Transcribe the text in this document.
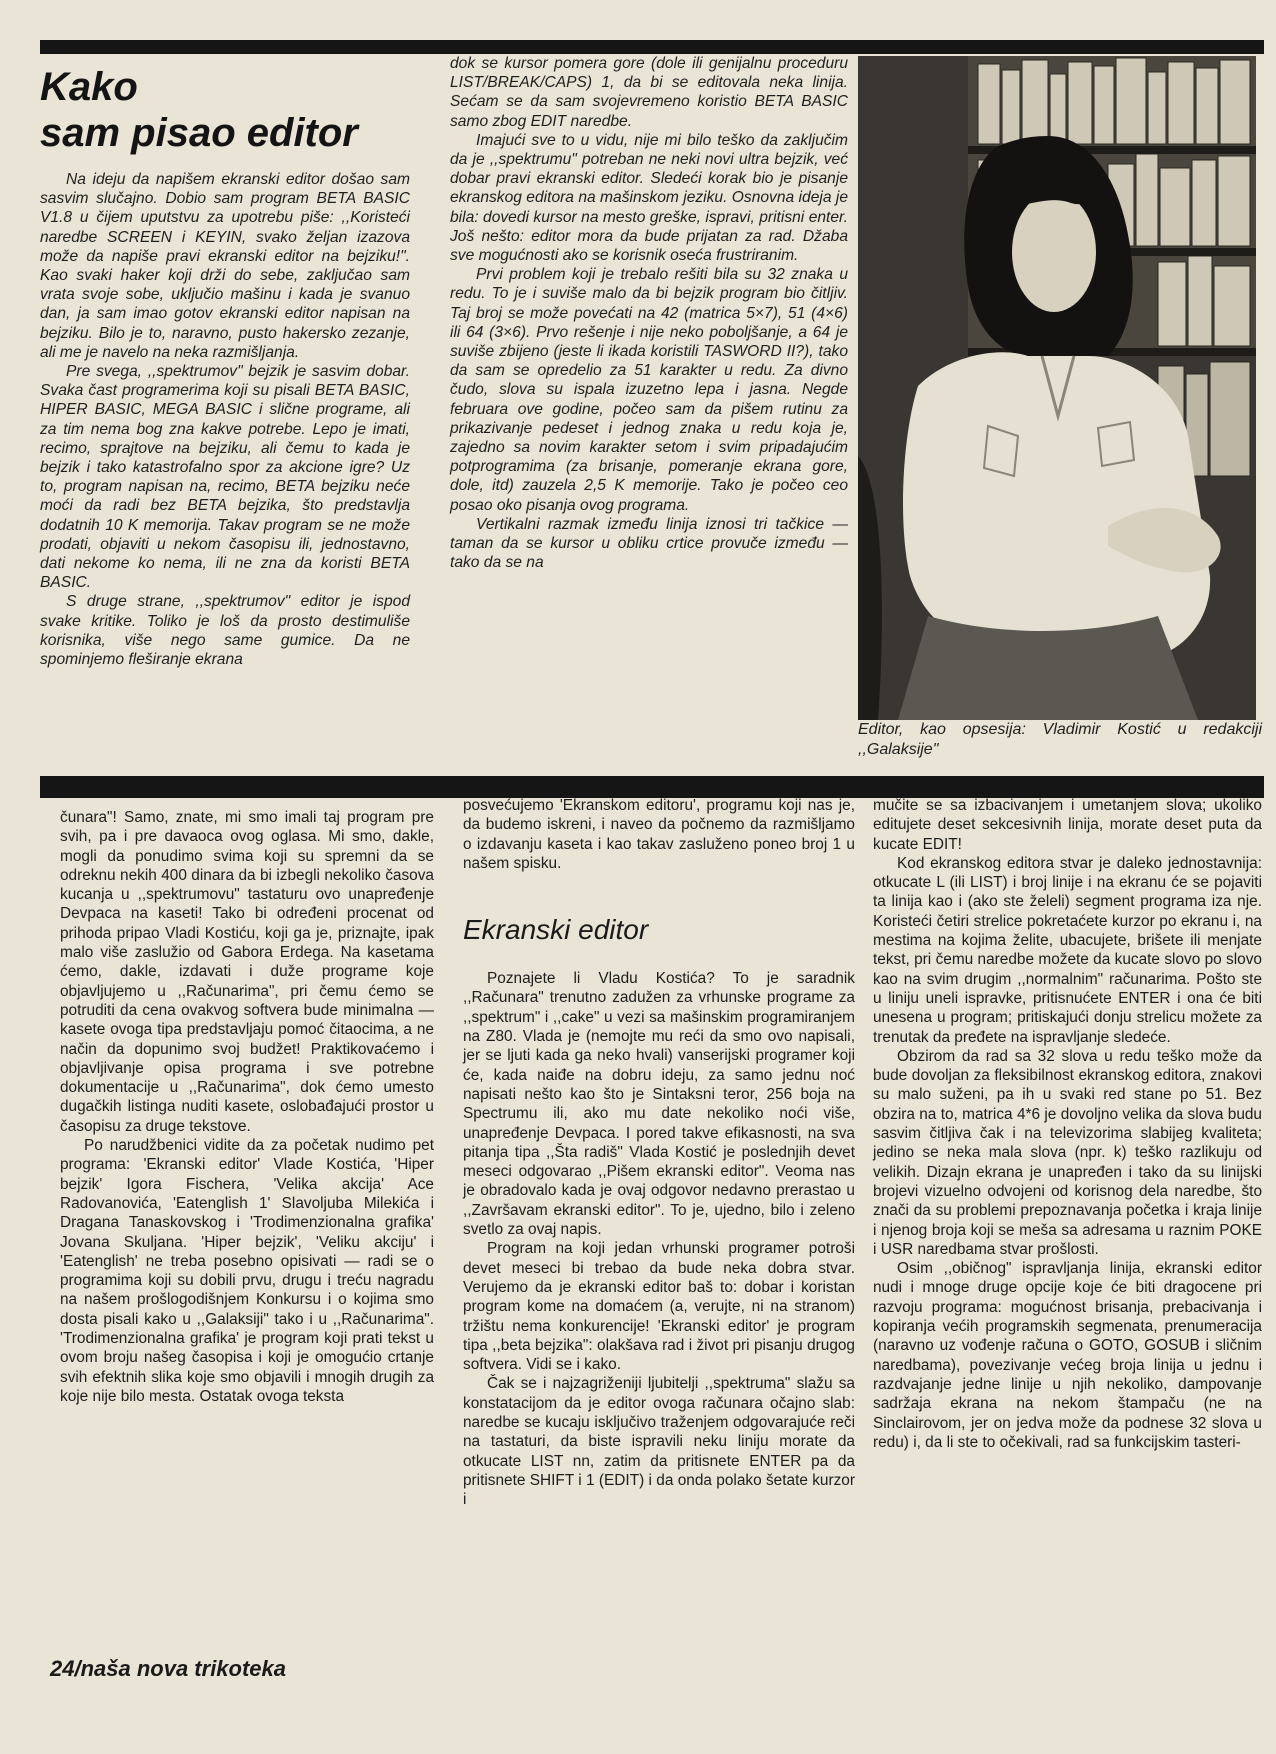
Kako
sam pisao editor

Na ideju da napišem ekranski editor došao sam sasvim slučajno. Dobio sam program BETA BASIC V1.8 u čijem uputstvu za upotrebu piše: ,,Koristeći naredbe SCREEN i KEYIN, svako željan izazova može da napiše pravi ekranski editor na bejziku!". Kao svaki haker koji drži do sebe, zaključao sam vrata svoje sobe, uključio mašinu i kada je svanuo dan, ja sam imao gotov ekranski editor napisan na bejziku. Bilo je to, naravno, pusto hakersko zezanje, ali me je navelo na neka razmišljanja.

Pre svega, ,,spektrumov" bejzik je sasvim dobar. Svaka čast programerima koji su pisali BETA BASIC, HIPER BASIC, MEGA BASIC i slične programe, ali za tim nema bog zna kakve potrebe. Lepo je imati, recimo, sprajtove na bejziku, ali čemu to kada je bejzik i tako katastrofalno spor za akcione igre? Uz to, program napisan na, recimo, BETA bejziku neće moći da radi bez BETA bejzika, što predstavlja dodatnih 10 K memorija. Takav program se ne može prodati, objaviti u nekom časopisu ili, jednostavno, dati nekome ko nema, ili ne zna da koristi BETA BASIC.

S druge strane, ,,spektrumov" editor je ispod svake kritike. Toliko je loš da prosto destimuliše korisnika, više nego same gumice. Da ne spominjemo fleširanje ekrana

dok se kursor pomera gore (dole ili genijalnu proceduru LIST/BREAK/CAPS) 1, da bi se editovala neka linija. Sećam se da sam svojevremeno koristio BETA BASIC samo zbog EDIT naredbe.

Imajući sve to u vidu, nije mi bilo teško da zaključim da je ,,spektrumu" potreban ne neki novi ultra bejzik, već dobar pravi ekranski editor. Sledeći korak bio je pisanje ekranskog editora na mašinskom jeziku. Osnovna ideja je bila: dovedi kursor na mesto greške, ispravi, pritisni enter. Još nešto: editor mora da bude prijatan za rad. Džaba sve mogućnosti ako se korisnik oseća frustriranim.

Prvi problem koji je trebalo rešiti bila su 32 znaka u redu. To je i suviše malo da bi bejzik program bio čitljiv. Taj broj se može povećati na 42 (matrica 5×7), 51 (4×6) ili 64 (3×6). Prvo rešenje i nije neko poboljšanje, a 64 je suviše zbijeno (jeste li ikada koristili TASWORD II?), tako da sam se opredelio za 51 karakter u redu. Za divno čudo, slova su ispala izuzetno lepa i jasna. Negde februara ove godine, počeo sam da pišem rutinu za prikazivanje pedeset i jednog znaka u redu koja je, zajedno sa novim karakter setom i svim pripadajućim potprogramima (za brisanje, pomeranje ekrana gore, dole, itd) zauzela 2,5 K memorije. Tako je počeo ceo posao oko pisanja ovog programa.

Vertikalni razmak između linija iznosi tri tačkice — taman da se kursor u obliku crtice provuče između — tako da se na

Editor, kao opsesija: Vladimir Kostić u redakciji ,,Galaksije"

čunara"! Samo, znate, mi smo imali taj program pre svih, pa i pre davaoca ovog oglasa. Mi smo, dakle, mogli da ponudimo svima koji su spremni da se odreknu nekih 400 dinara da bi izbegli nekoliko časova kucanja u ,,spektrumovu" tastaturu ovo unapređenje Devpaca na kaseti! Tako bi određeni procenat od prihoda pripao Vladi Kostiću, koji ga je, priznajte, ipak malo više zaslužio od Gabora Erdega. Na kasetama ćemo, dakle, izdavati i duže programe koje objavljujemo u ,,Računarima", pri čemu ćemo se potruditi da cena ovakvog softvera bude minimalna — kasete ovoga tipa predstavljaju pomoć čitaocima, a ne način da dopunimo svoj budžet! Praktikovaćemo i objavljivanje opisa programa i sve potrebne dokumentacije u ,,Računarima", dok ćemo umesto dugačkih listinga nuditi kasete, oslobađajući prostor u časopisu za druge tekstove.

Po narudžbenici vidite da za početak nudimo pet programa: 'Ekranski editor' Vlade Kostića, 'Hiper bejzik' Igora Fischera, 'Velika akcija' Ace Radovanovića, 'Eatenglish 1' Slavoljuba Milekića i Dragana Tanaskovskog i 'Trodimenzionalna grafika' Jovana Skuljana. 'Hiper bejzik', 'Veliku akciju' i 'Eatenglish' ne treba posebno opisivati — radi se o programima koji su dobili prvu, drugu i treću nagradu na našem prošlogodišnjem Konkursu i o kojima smo dosta pisali kako u ,,Galaksiji" tako i u ,,Računarima". 'Trodimenzionalna grafika' je program koji prati tekst u ovom broju našeg časopisa i koji je omogućio crtanje svih efektnih slika koje smo objavili i mnogih drugih za koje nije bilo mesta. Ostatak ovoga teksta

posvećujemo 'Ekranskom editoru', programu koji nas je, da budemo iskreni, i naveo da počnemo da razmišljamo o izdavanju kaseta i kao takav zasluženo poneo broj 1 u našem spisku.

Ekranski editor

Poznajete li Vladu Kostića? To je saradnik ,,Računara" trenutno zadužen za vrhunske programe za ,,spektrum" i ,,cake" u vezi sa mašinskim programiranjem na Z80. Vlada je (nemojte mu reći da smo ovo napisali, jer se ljuti kada ga neko hvali) vanserijski programer koji će, kada naiđe na dobru ideju, za samo jednu noć napisati nešto kao što je Sintaksni teror, 256 boja na Spectrumu ili, ako mu date nekoliko noći više, unapređenje Devpaca. I pored takve efikasnosti, na sva pitanja tipa ,,Šta radiš" Vlada Kostić je poslednjih devet meseci odgovarao ,,Pišem ekranski editor". Veoma nas je obradovalo kada je ovaj odgovor nedavno prerastao u ,,Završavam ekranski editor". To je, ujedno, bilo i zeleno svetlo za ovaj napis.

Program na koji jedan vrhunski programer potroši devet meseci bi trebao da bude neka dobra stvar. Verujemo da je ekranski editor baš to: dobar i koristan program kome na domaćem (a, verujte, ni na stranom) tržištu nema konkurencije! 'Ekranski editor' je program tipa ,,beta bejzika": olakšava rad i život pri pisanju drugog softvera. Vidi se i kako.

Čak se i najzagriženiji ljubitelji ,,spektruma" slažu sa konstatacijom da je editor ovoga računara očajno slab: naredbe se kucaju isključivo traženjem odgovarajuće reči na tastaturi, da biste ispravili neku liniju morate da otkucate LIST nn, zatim da pritisnete ENTER pa da pritisnete SHIFT i 1 (EDIT) i da onda polako šetate kurzor i

mučite se sa izbacivanjem i umetanjem slova; ukoliko editujete deset sekcesivnih linija, morate deset puta da kucate EDIT!

Kod ekranskog editora stvar je daleko jednostavnija: otkucate L (ili LIST) i broj linije i na ekranu će se pojaviti ta linija kao i (ako ste želeli) segment programa iza nje. Koristeći četiri strelice pokretaćete kurzor po ekranu i, na mestima na kojima želite, ubacujete, brišete ili menjate tekst, pri čemu naredbe možete da kucate slovo po slovo kao na svim drugim ,,normalnim" računarima. Pošto ste u liniju uneli ispravke, pritisnućete ENTER i ona će biti unesena u program; pritiskajući donju strelicu možete za trenutak da pređete na ispravljanje sledeće.

Obzirom da rad sa 32 slova u redu teško može da bude dovoljan za fleksibilnost ekranskog editora, znakovi su malo suženi, pa ih u svaki red stane po 51. Bez obzira na to, matrica 4*6 je dovoljno velika da slova budu sasvim čitljiva čak i na televizorima slabijeg kvaliteta; jedino se neka mala slova (npr. k) teško razlikuju od velikih. Dizajn ekrana je unapređen i tako da su linijski brojevi vizuelno odvojeni od korisnog dela naredbe, što znači da su problemi prepoznavanja početka i kraja linije i njenog broja koji se meša sa adresama u raznim POKE i USR naredbama stvar prošlosti.

Osim ,,običnog" ispravljanja linija, ekranski editor nudi i mnoge druge opcije koje će biti dragocene pri razvoju programa: mogućnost brisanja, prebacivanja i kopiranja većih programskih segmenata, prenumeracija (naravno uz vođenje računa o GOTO, GOSUB i sličnim naredbama), povezivanje većeg broja linija u jednu i razdvajanje jedne linije u njih nekoliko, dampovanje sadržaja ekrana na nekom štampaču (ne na Sinclairovom, jer on jedva može da podnese 32 slova u redu) i, da li ste to očekivali, rad sa funkcijskim tasteri-

24/naša nova trikoteka
